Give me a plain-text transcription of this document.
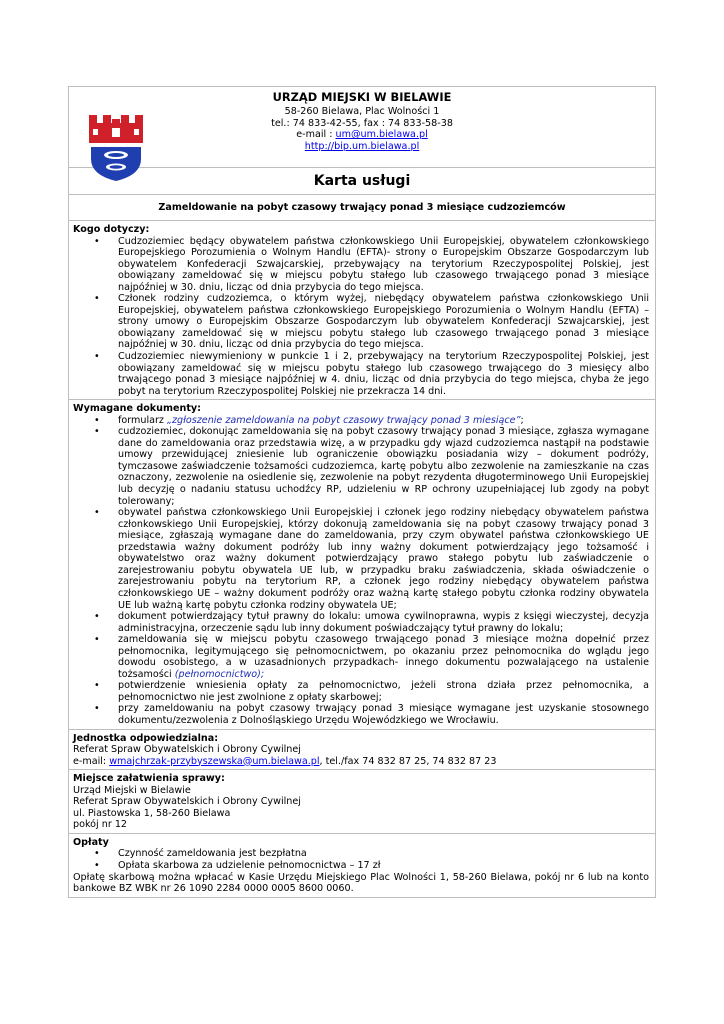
URZĄD MIEJSKI W BIELAWIE
58-260 Bielawa, Plac Wolności 1
tel.: 74 833-42-55, fax : 74 833-58-38
e-mail : um@um.bielawa.pl
http://bip.um.bielawa.pl
Karta usługi
Zameldowanie na pobyt czasowy trwający ponad 3 miesiące cudzoziemców
Kogo dotyczy:
• Cudzoziemiec będący obywatelem państwa członkowskiego Unii Europejskiej, obywatelem członkowskiego Europejskiego Porozumienia o Wolnym Handlu (EFTA)- strony o Europejskim Obszarze Gospodarczym lub obywatelem Konfederacji Szwajcarskiej, przebywający na terytorium Rzeczypospolitej Polskiej, jest obowiązany zameldować się w miejscu pobytu stałego lub czasowego trwającego ponad 3 miesiące najpóźniej w 30. dniu, licząc od dnia przybycia do tego miejsca.
• Członek rodziny cudzoziemca, o którym wyżej, niebędący obywatelem państwa członkowskiego Unii Europejskiej, obywatelem państwa członkowskiego Europejskiego Porozumienia o Wolnym Handlu (EFTA) – strony umowy o Europejskim Obszarze Gospodarczym lub obywatelem Konfederacji Szwajcarskiej, jest obowiązany zameldować się w miejscu pobytu stałego lub czasowego trwającego ponad 3 miesiące najpóźniej w 30. dniu, licząc od dnia przybycia do tego miejsca.
• Cudzoziemiec niewymieniony w punkcie 1 i 2, przebywający na terytorium Rzeczypospolitej Polskiej, jest obowiązany zameldować się w miejscu pobytu stałego lub czasowego trwającego do 3 miesięcy albo trwającego ponad 3 miesiące najpóźniej w 4. dniu, licząc od dnia przybycia do tego miejsca, chyba że jego pobyt na terytorium Rzeczypospolitej Polskiej nie przekracza 14 dni.
Wymagane dokumenty:
• formularz „zgłoszenie zameldowania na pobyt czasowy trwający ponad 3 miesiące”;
• cudzoziemiec, dokonując zameldowania się na pobyt czasowy trwający ponad 3 miesiące, zgłasza wymagane dane do zameldowania oraz przedstawia wizę, a w przypadku gdy wjazd cudzoziemca nastąpił na podstawie umowy przewidującej zniesienie lub ograniczenie obowiązku posiadania wizy – dokument podróży, tymczasowe zaświadczenie tożsamości cudzoziemca, kartę pobytu albo zezwolenie na zamieszkanie na czas oznaczony, zezwolenie na osiedlenie się, zezwolenie na pobyt rezydenta długoterminowego Unii Europejskiej lub decyzję o nadaniu statusu uchodźcy RP, udzieleniu w RP ochrony uzupełniającej lub zgody na pobyt tolerowany;
• obywatel państwa członkowskiego Unii Europejskiej i członek jego rodziny niebędący obywatelem państwa członkowskiego Unii Europejskiej, którzy dokonują zameldowania się na pobyt czasowy trwający ponad 3 miesiące, zgłaszają wymagane dane do zameldowania, przy czym obywatel państwa członkowskiego UE przedstawia ważny dokument podróży lub inny ważny dokument potwierdzający jego tożsamość i obywatelstwo oraz ważny dokument potwierdzający prawo stałego pobytu lub zaświadczenie o zarejestrowaniu pobytu obywatela UE lub, w przypadku braku zaświadczenia, składa oświadczenie o zarejestrowaniu pobytu na terytorium RP, a członek jego rodziny niebędący obywatelem państwa członkowskiego UE – ważny dokument podróży oraz ważną kartę stałego pobytu członka rodziny obywatela UE lub ważną kartę pobytu członka rodziny obywatela UE;
• dokument potwierdzający tytuł prawny do lokalu: umowa cywilnoprawna, wypis z księgi wieczystej, decyzja administracyjna, orzeczenie sądu lub inny dokument poświadczający tytuł prawny do lokalu;
• zameldowania się w miejscu pobytu czasowego trwającego ponad 3 miesiące można dopełnić przez pełnomocnika, legitymującego się pełnomocnictwem, po okazaniu przez pełnomocnika do wglądu jego dowodu osobistego, a w uzasadnionych przypadkach- innego dokumentu pozwalającego na ustalenie tożsamości (pełnomocnictwo);
• potwierdzenie wniesienia opłaty za pełnomocnictwo, jeżeli strona działa przez pełnomocnika, a pełnomocnictwo nie jest zwolnione z opłaty skarbowej;
• przy zameldowaniu na pobyt czasowy trwający ponad 3 miesiące wymagane jest uzyskanie stosownego dokumentu/zezwolenia z Dolnośląskiego Urzędu Wojewódzkiego we Wrocławiu.
Jednostka odpowiedzialna:
Referat Spraw Obywatelskich i Obrony Cywilnej
e-mail: wmajchrzak-przybyszewska@um.bielawa.pl, tel./fax 74 832 87 25, 74 832 87 23
Miejsce załatwienia sprawy:
Urząd Miejski w Bielawie
Referat Spraw Obywatelskich i Obrony Cywilnej
ul. Piastowska 1, 58-260 Bielawa
pokój nr 12
Opłaty
• Czynność zameldowania jest bezpłatna
• Opłata skarbowa za udzielenie pełnomocnictwa – 17 zł
Opłatę skarbową można wpłacać w Kasie Urzędu Miejskiego Plac Wolności 1, 58-260 Bielawa, pokój nr 6 lub na konto bankowe BZ WBK nr 26 1090 2284 0000 0005 8600 0060.
